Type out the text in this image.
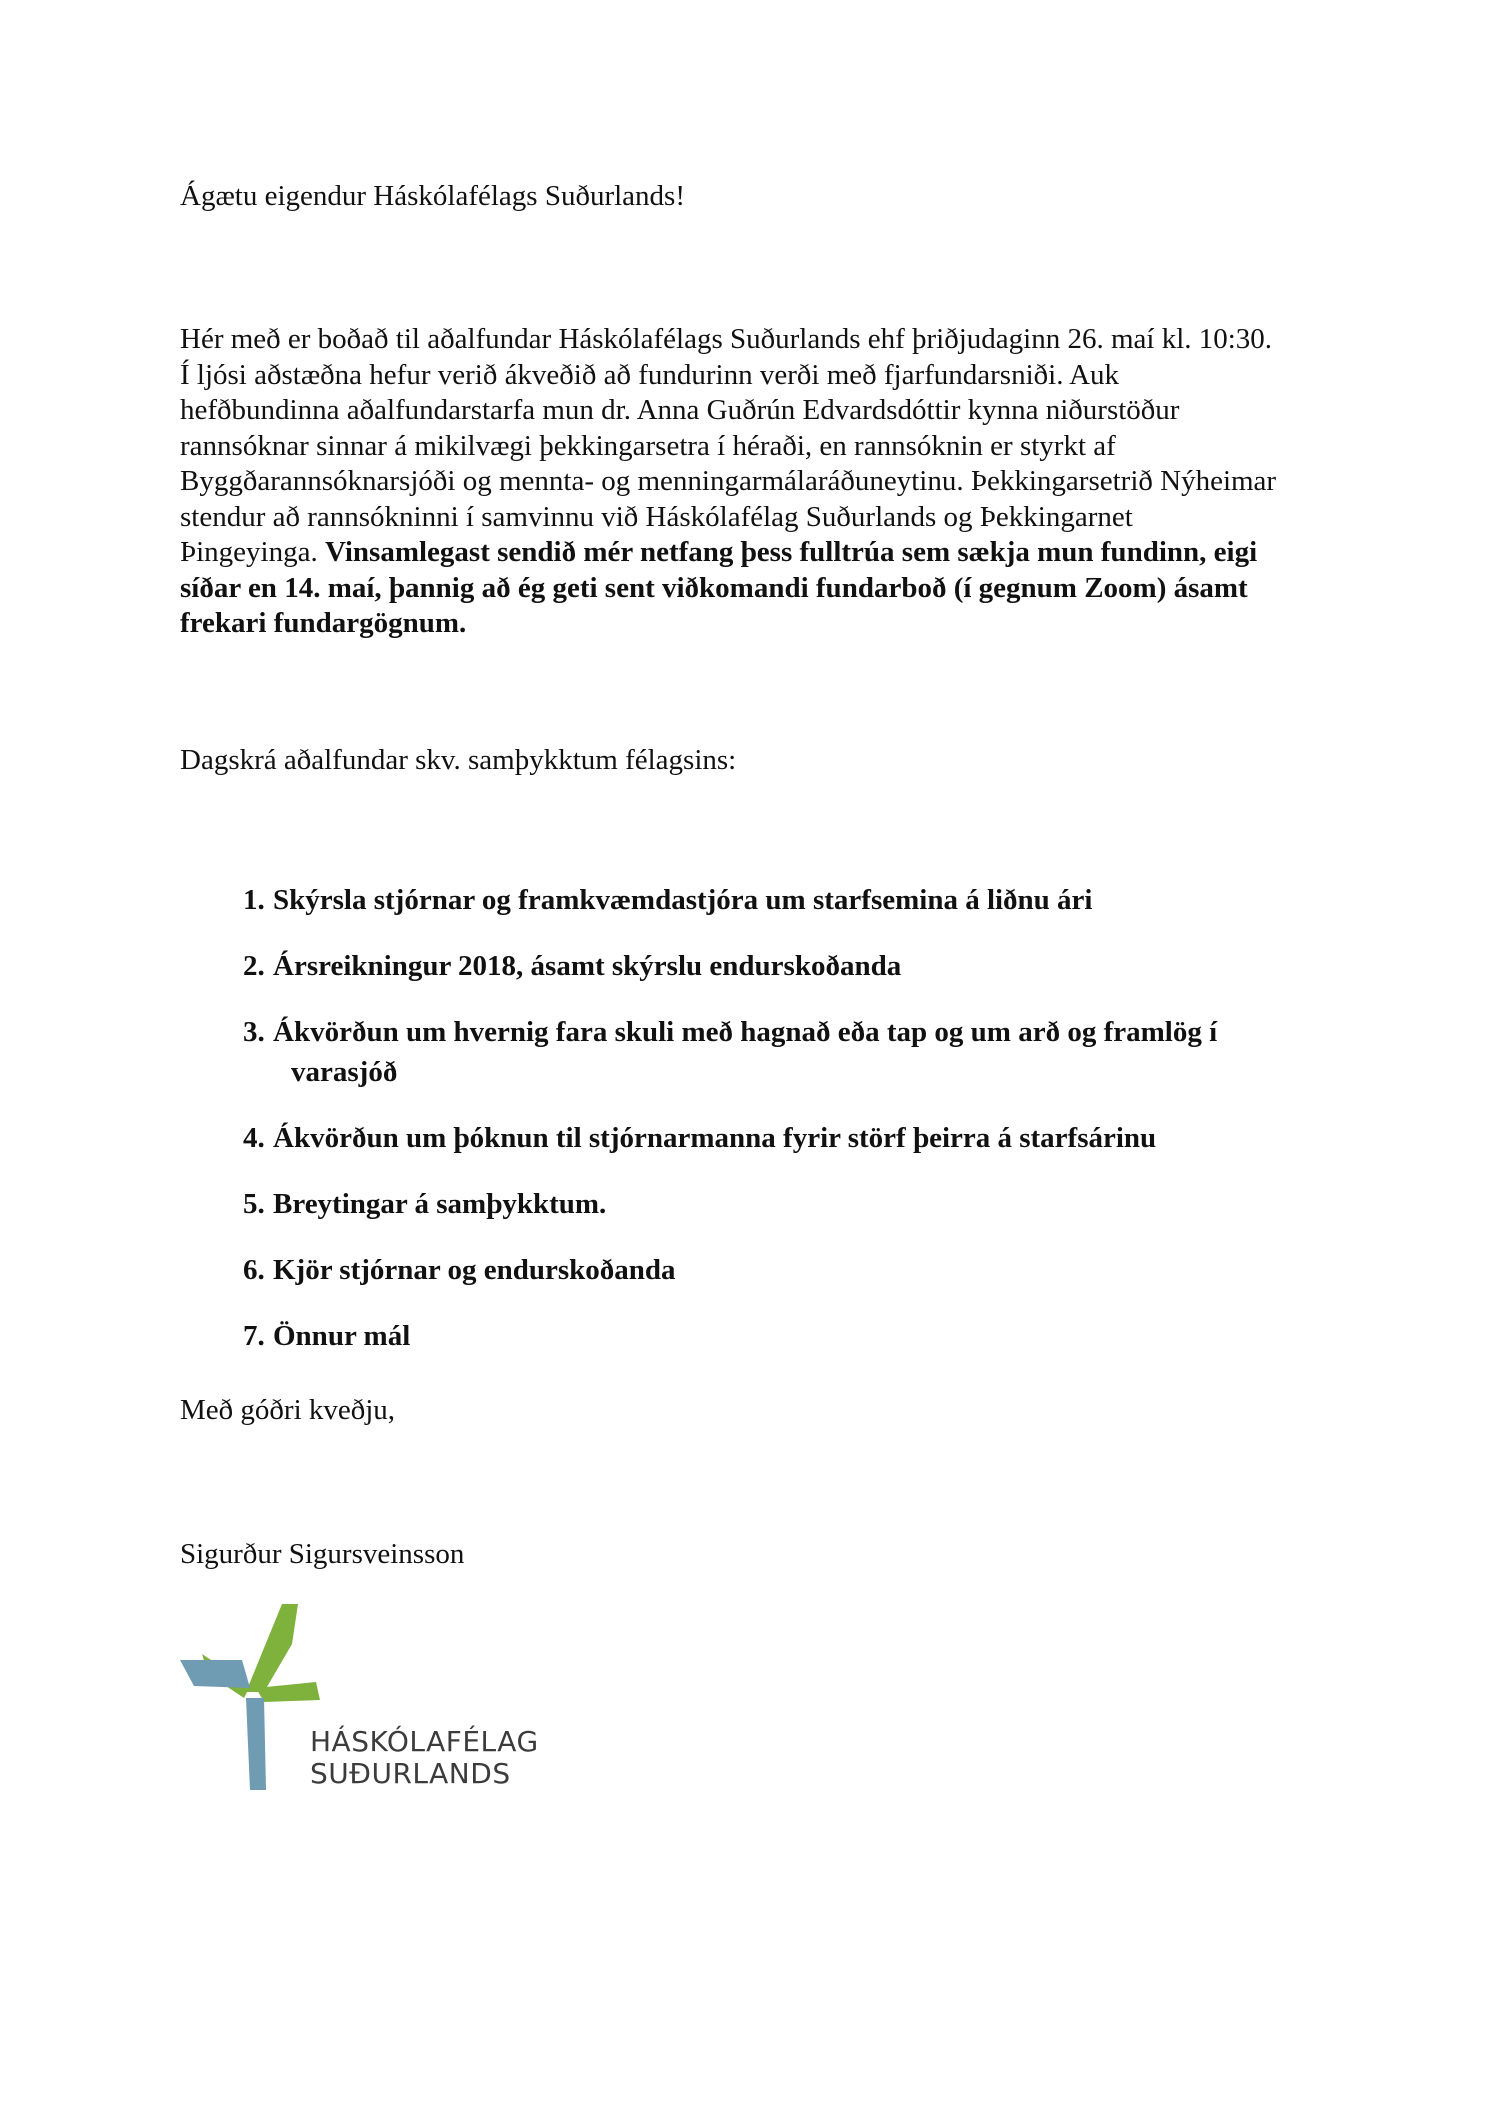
Ágætu eigendur Háskólafélags Suðurlands!

Hér með er boðað til aðalfundar Háskólafélags Suðurlands ehf þriðjudaginn 26. maí kl. 10:30.
Í ljósi aðstæðna hefur verið ákveðið að fundurinn verði með fjarfundarsniði. Auk
hefðbundinna aðalfundarstarfa mun dr. Anna Guðrún Edvardsdóttir kynna niðurstöður
rannsóknar sinnar á mikilvægi þekkingarsetra í héraði, en rannsóknin er styrkt af
Byggðarannsóknarsjóði og mennta- og menningarmálaráðuneytinu. Þekkingarsetrið Nýheimar
stendur að rannsókninni í samvinnu við Háskólafélag Suðurlands og Þekkingarnet
Þingeyinga. Vinsamlegast sendið mér netfang þess fulltrúa sem sækja mun fundinn, eigi
síðar en 14. maí, þannig að ég geti sent viðkomandi fundarboð (í gegnum Zoom) ásamt
frekari fundargögnum.

Dagskrá aðalfundar skv. samþykktum félagsins:

1. Skýrsla stjórnar og framkvæmdastjóra um starfsemina á liðnu ári
2. Ársreikningur 2018, ásamt skýrslu endurskoðanda
3. Ákvörðun um hvernig fara skuli með hagnað eða tap og um arð og framlög í
varasjóð
4. Ákvörðun um þóknun til stjórnarmanna fyrir störf þeirra á starfsárinu
5. Breytingar á samþykktum.
6. Kjör stjórnar og endurskoðanda
7. Önnur mál

Með góðri kveðju,

Sigurður Sigursveinsson

HÁSKÓLAFÉLAG
SUÐURLANDS
